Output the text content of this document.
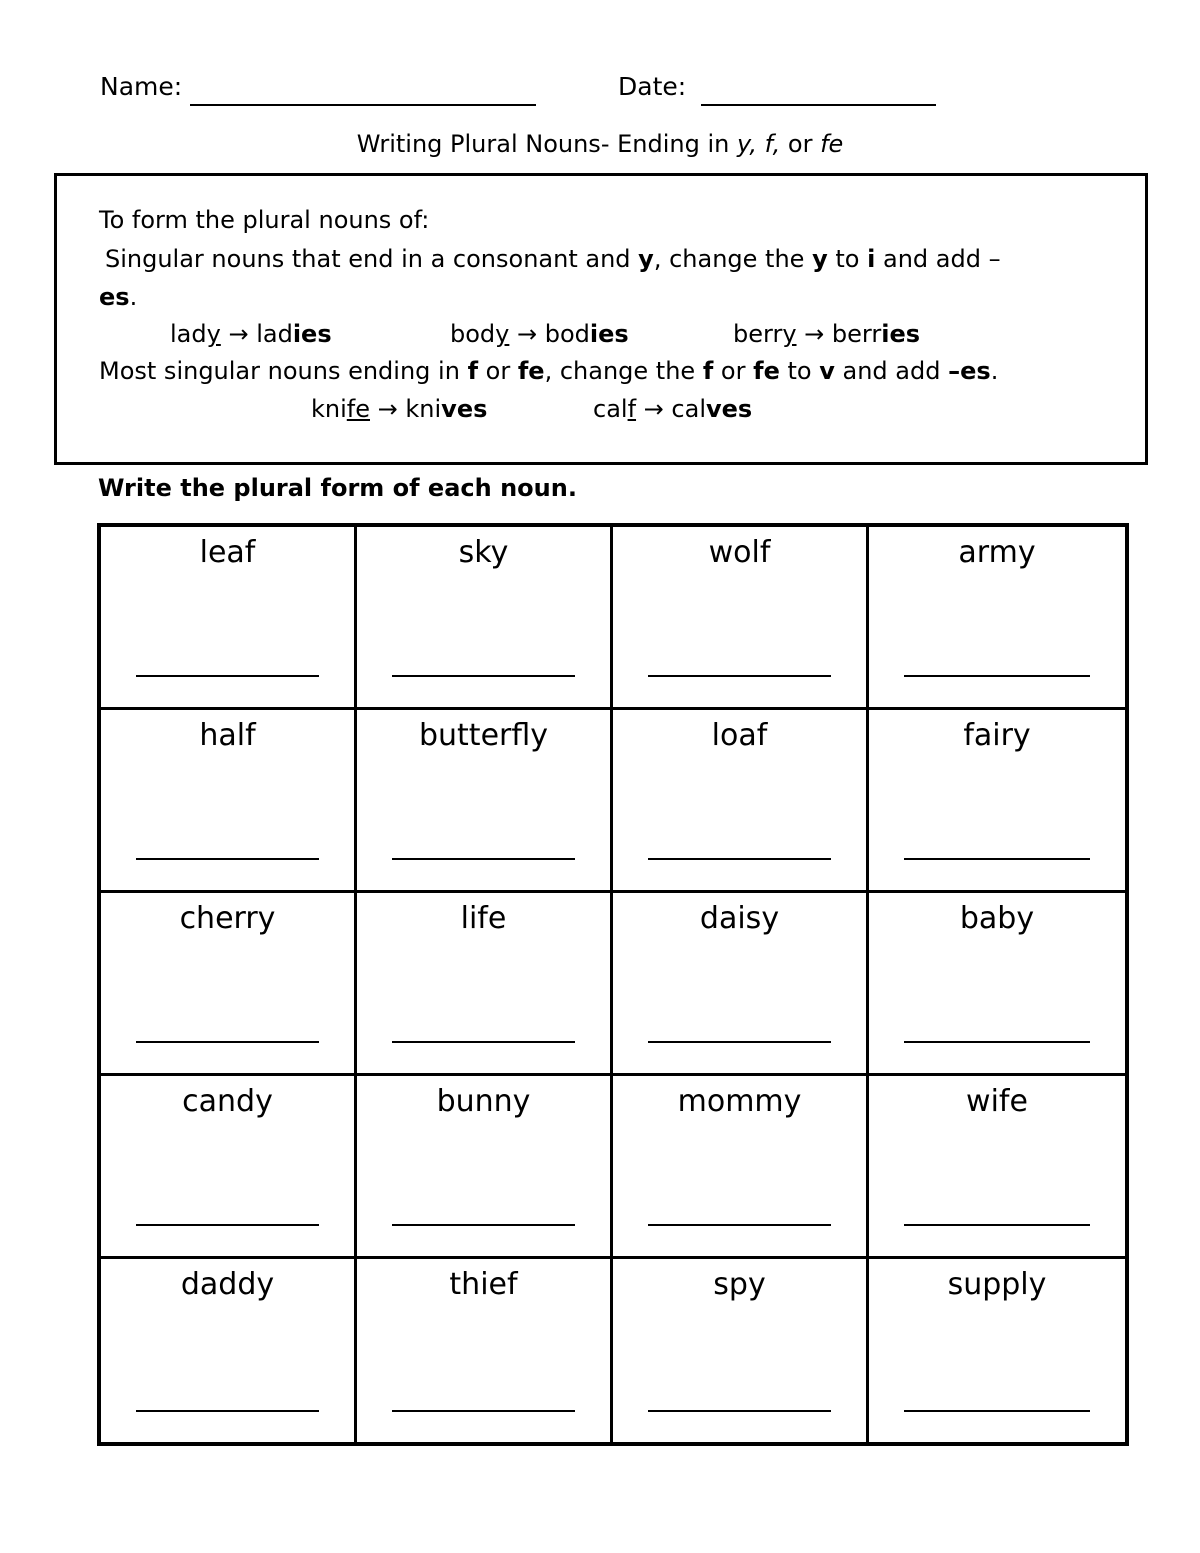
Name:	Date:
Writing Plural Nouns- Ending in y, f, or fe
To form the plural nouns of:
Singular nouns that end in a consonant and y, change the y to i and add –
es.
lady → ladies	body → bodies	berry → berries
Most singular nouns ending in f or fe, change the f or fe to v and add –es.
knife → knives	calf → calves
Write the plural form of each noun.
leaf	sky	wolf	army
half	butterfly	loaf	fairy
cherry	life	daisy	baby
candy	bunny	mommy	wife
daddy	thief	spy	supply
